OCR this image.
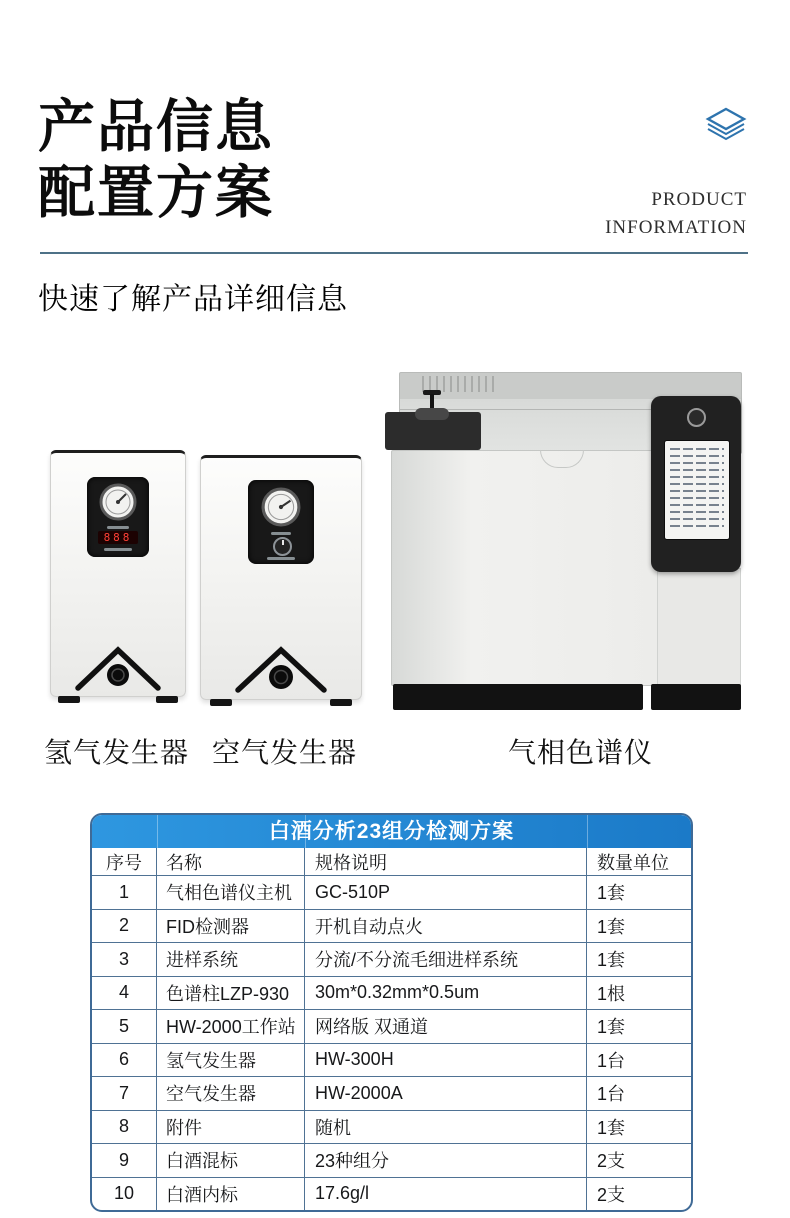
产品信息
配置方案	PRODUCT
INFORMATION
快速了解产品详细信息
888
氢气发生器 空气发生器	气相色谱仪
白酒分析23组分检测方案
序号	名称	规格说明	数量单位
1	气相色谱仪主机	GC-510P	1套
2	FID检测器	开机自动点火	1套
3	进样系统	分流/不分流毛细进样系统	1套
4	色谱柱LZP-930	30m*0.32mm*0.5um	1根
5	HW-2000工作站	网络版 双通道	1套
6	氢气发生器	HW-300H	1台
7	空气发生器	HW-2000A	1台
8	附件	随机	1套
9	白酒混标	23种组分	2支
10	白酒内标	17.6g/l	2支
